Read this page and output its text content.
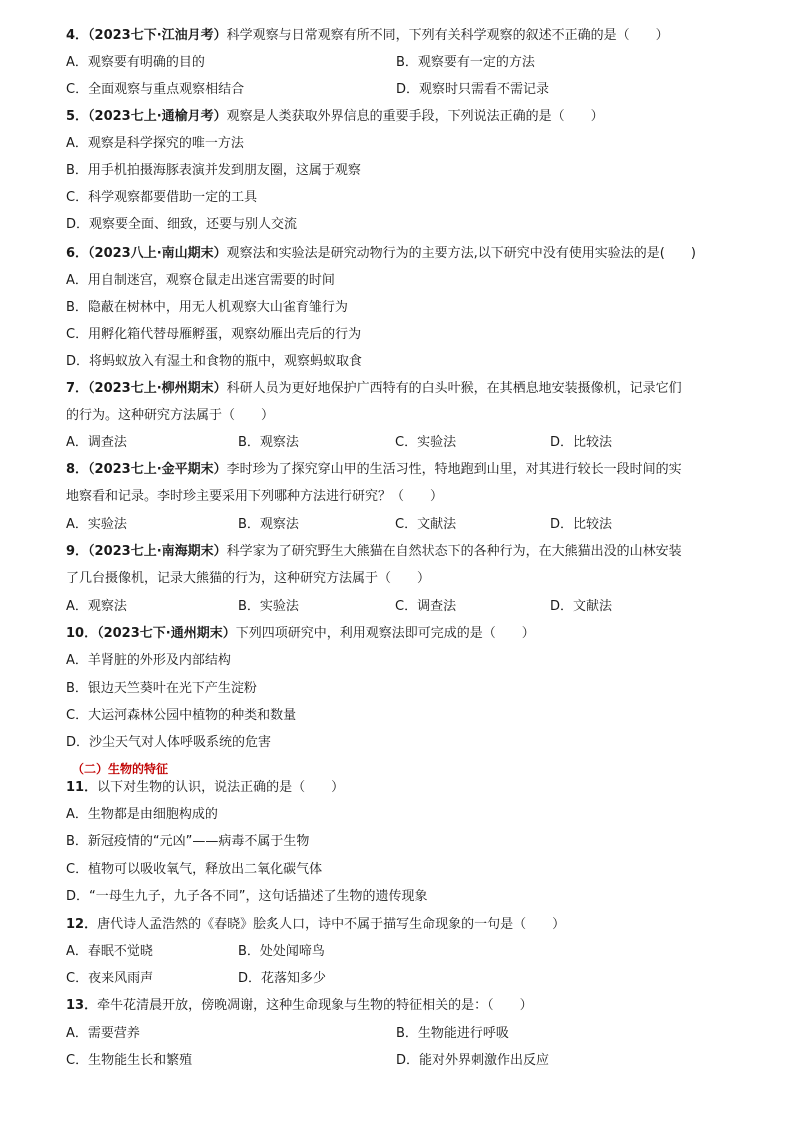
4．（2023七下·江油月考）科学观察与日常观察有所不同，下列有关科学观察的叙述不正确的是（　　）
A．观察要有明确的目的	B．观察要有一定的方法
C．全面观察与重点观察相结合	D．观察时只需看不需记录
5．（2023七上·通榆月考）观察是人类获取外界信息的重要手段，下列说法正确的是（　　）
A．观察是科学探究的唯一方法
B．用手机拍摄海豚表演并发到朋友圈，这属于观察
C．科学观察都要借助一定的工具
D．观察要全面、细致，还要与别人交流
6．（2023八上·南山期末）观察法和实验法是研究动物行为的主要方法,以下研究中没有使用实验法的是(　　)
A．用自制迷宫，观察仓鼠走出迷宫需要的时间
B．隐蔽在树林中，用无人机观察大山雀育雏行为
C．用孵化箱代替母雁孵蛋，观察幼雁出壳后的行为
D．将蚂蚁放入有湿土和食物的瓶中，观察蚂蚁取食
7．（2023七上·柳州期末）科研人员为更好地保护广西特有的白头叶猴，在其栖息地安装摄像机，记录它们
的行为。这种研究方法属于（　　）
A．调查法	B．观察法	C．实验法	D．比较法
8．（2023七上·金平期末）李时珍为了探究穿山甲的生活习性，特地跑到山里，对其进行较长一段时间的实
地察看和记录。李时珍主要采用下列哪种方法进行研究？（　　）
A．实验法	B．观察法	C．文献法	D．比较法
9．（2023七上·南海期末）科学家为了研究野生大熊猫在自然状态下的各种行为，在大熊猫出没的山林安装
了几台摄像机，记录大熊猫的行为，这种研究方法属于（　　）
A．观察法	B．实验法	C．调查法	D．文献法
10．（2023七下·通州期末）下列四项研究中，利用观察法即可完成的是（　　）
A．羊肾脏的外形及内部结构
B．银边天竺葵叶在光下产生淀粉
C．大运河森林公园中植物的种类和数量
D．沙尘天气对人体呼吸系统的危害
（二）生物的特征
11．以下对生物的认识，说法正确的是（　　）
A．生物都是由细胞构成的
B．新冠疫情的“元凶”——病毒不属于生物
C．植物可以吸收氧气，释放出二氧化碳气体
D．“一母生九子，九子各不同”，这句话描述了生物的遗传现象
12．唐代诗人孟浩然的《春晓》脍炙人口，诗中不属于描写生命现象的一句是（　　）
A．春眠不觉晓	B．处处闻啼鸟
C．夜来风雨声	D．花落知多少
13．牵牛花清晨开放，傍晚凋谢，这种生命现象与生物的特征相关的是：（　　）
A．需要营养	B．生物能进行呼吸
C．生物能生长和繁殖	D．能对外界刺激作出反应
